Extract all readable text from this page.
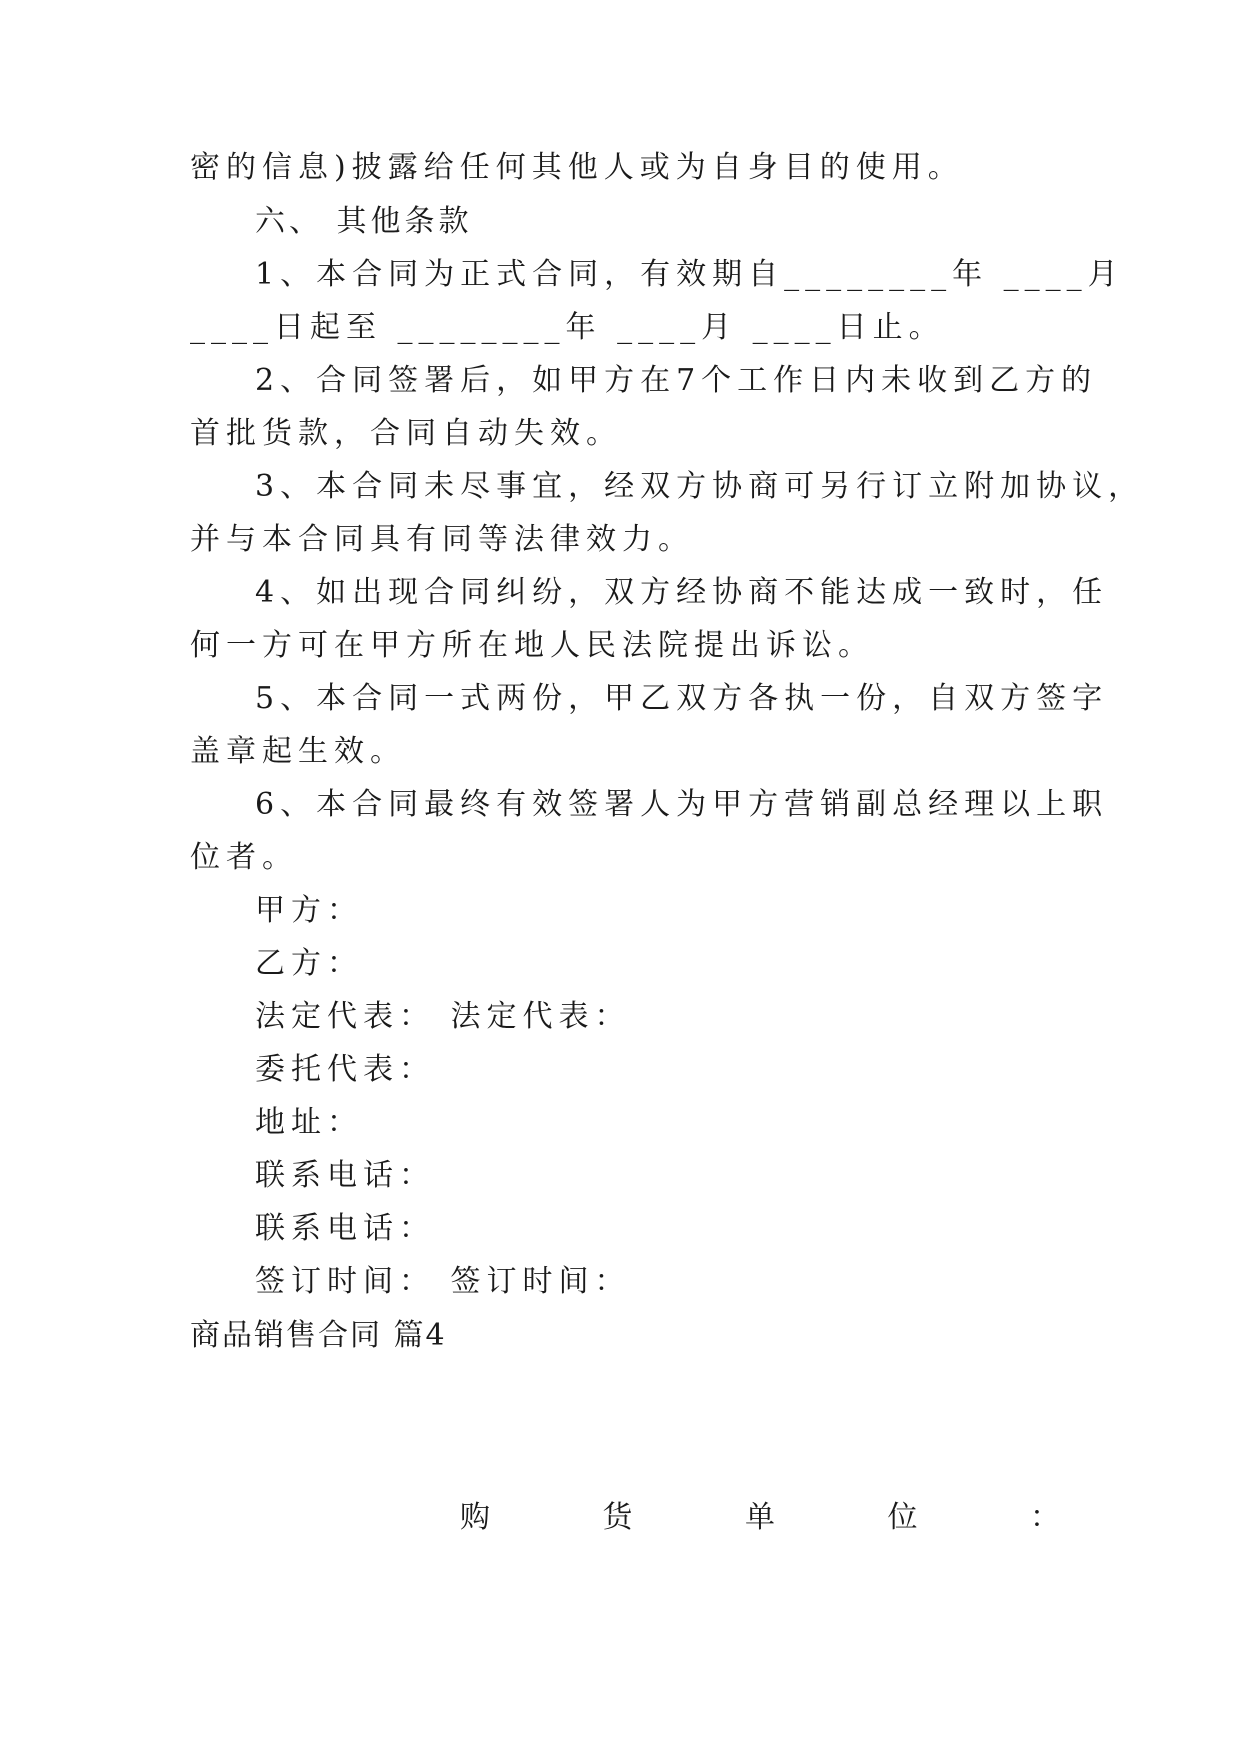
密的信息)披露给任何其他人或为自身目的使用。
六、 其他条款
1、本合同为正式合同，有效期自________年 ____月
____日起至 ________年 ____月 ____日止。
2、合同签署后，如甲方在7个工作日内未收到乙方的
首批货款，合同自动失效。
3、本合同未尽事宜，经双方协商可另行订立附加协议，
并与本合同具有同等法律效力。
4、如出现合同纠纷，双方经协商不能达成一致时，任
何一方可在甲方所在地人民法院提出诉讼。
5、本合同一式两份，甲乙双方各执一份，自双方签字
盖章起生效。
6、本合同最终有效签署人为甲方营销副总经理以上职
位者。
甲方：
乙方：
法定代表： 法定代表：
委托代表：
地址：
联系电话：
联系电话：
签订时间： 签订时间：
商品销售合同 篇4
购	货	单	位	：
